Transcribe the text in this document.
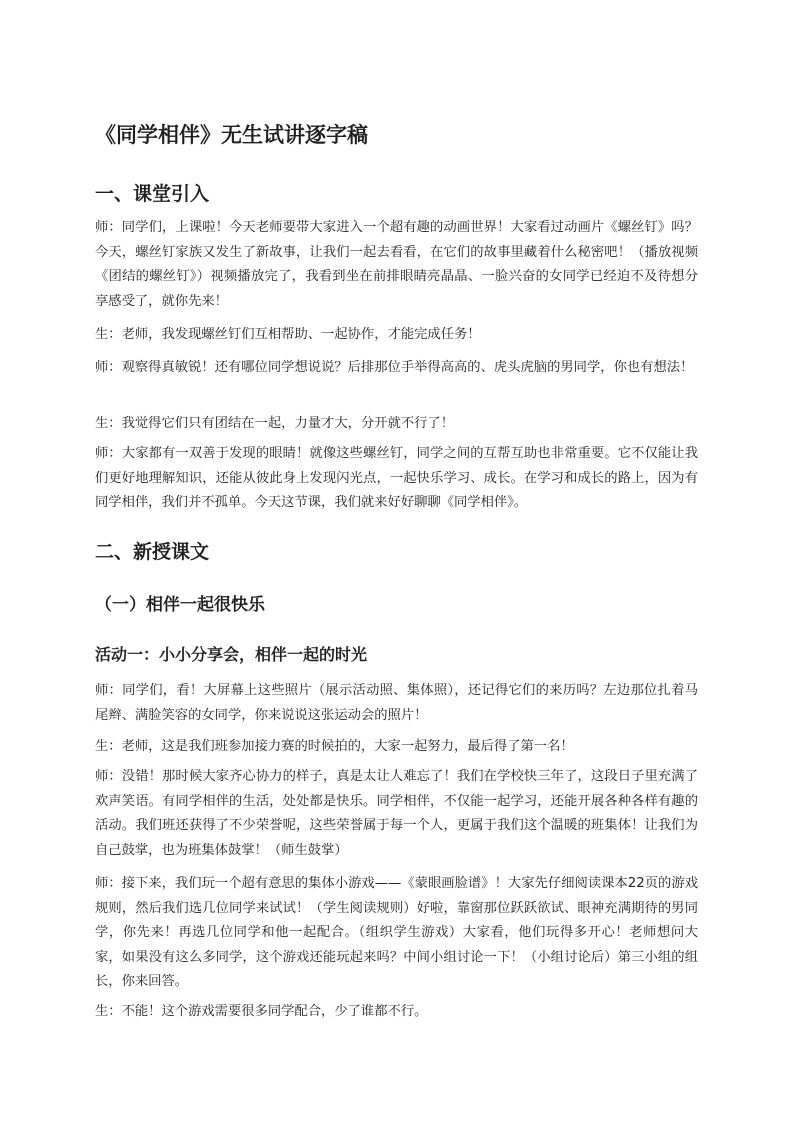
《同学相伴》无生试讲逐字稿
一、课堂引入

师：同学们，上课啦！今天老师要带大家进入一个超有趣的动画世界！大家看过动画片《螺丝钉》吗？今天，螺丝钉家族又发生了新故事，让我们一起去看看，在它们的故事里藏着什么秘密吧！（播放视频《团结的螺丝钉》）视频播放完了，我看到坐在前排眼睛亮晶晶、一脸兴奋的女同学已经迫不及待想分享感受了，就你先来！

生：老师，我发现螺丝钉们互相帮助、一起协作，才能完成任务！

师：观察得真敏锐！还有哪位同学想说说？后排那位手举得高高的、虎头虎脑的男同学，你也有想法！

生：我觉得它们只有团结在一起，力量才大，分开就不行了！

师：大家都有一双善于发现的眼睛！就像这些螺丝钉，同学之间的互帮互助也非常重要。它不仅能让我们更好地理解知识，还能从彼此身上发现闪光点，一起快乐学习、成长。在学习和成长的路上，因为有同学相伴，我们并不孤单。今天这节课，我们就来好好聊聊《同学相伴》。

二、新授课文
（一）相伴一起很快乐
活动一：小小分享会，相伴一起的时光

师：同学们，看！大屏幕上这些照片（展示活动照、集体照），还记得它们的来历吗？左边那位扎着马尾辫、满脸笑容的女同学，你来说说这张运动会的照片！

生：老师，这是我们班参加接力赛的时候拍的，大家一起努力，最后得了第一名！

师：没错！那时候大家齐心协力的样子，真是太让人难忘了！我们在学校快三年了，这段日子里充满了欢声笑语。有同学相伴的生活，处处都是快乐。同学相伴，不仅能一起学习，还能开展各种各样有趣的活动。我们班还获得了不少荣誉呢，这些荣誉属于每一个人，更属于我们这个温暖的班集体！让我们为自己鼓掌，也为班集体鼓掌！（师生鼓掌）

师：接下来，我们玩一个超有意思的集体小游戏——《蒙眼画脸谱》！大家先仔细阅读课本22页的游戏规则，然后我们选几位同学来试试！（学生阅读规则）好啦，靠窗那位跃跃欲试、眼神充满期待的男同学，你先来！再选几位同学和他一起配合。（组织学生游戏）大家看，他们玩得多开心！老师想问大家，如果没有这么多同学，这个游戏还能玩起来吗？中间小组讨论一下！（小组讨论后）第三小组的组长，你来回答。

生：不能！这个游戏需要很多同学配合，少了谁都不行。
